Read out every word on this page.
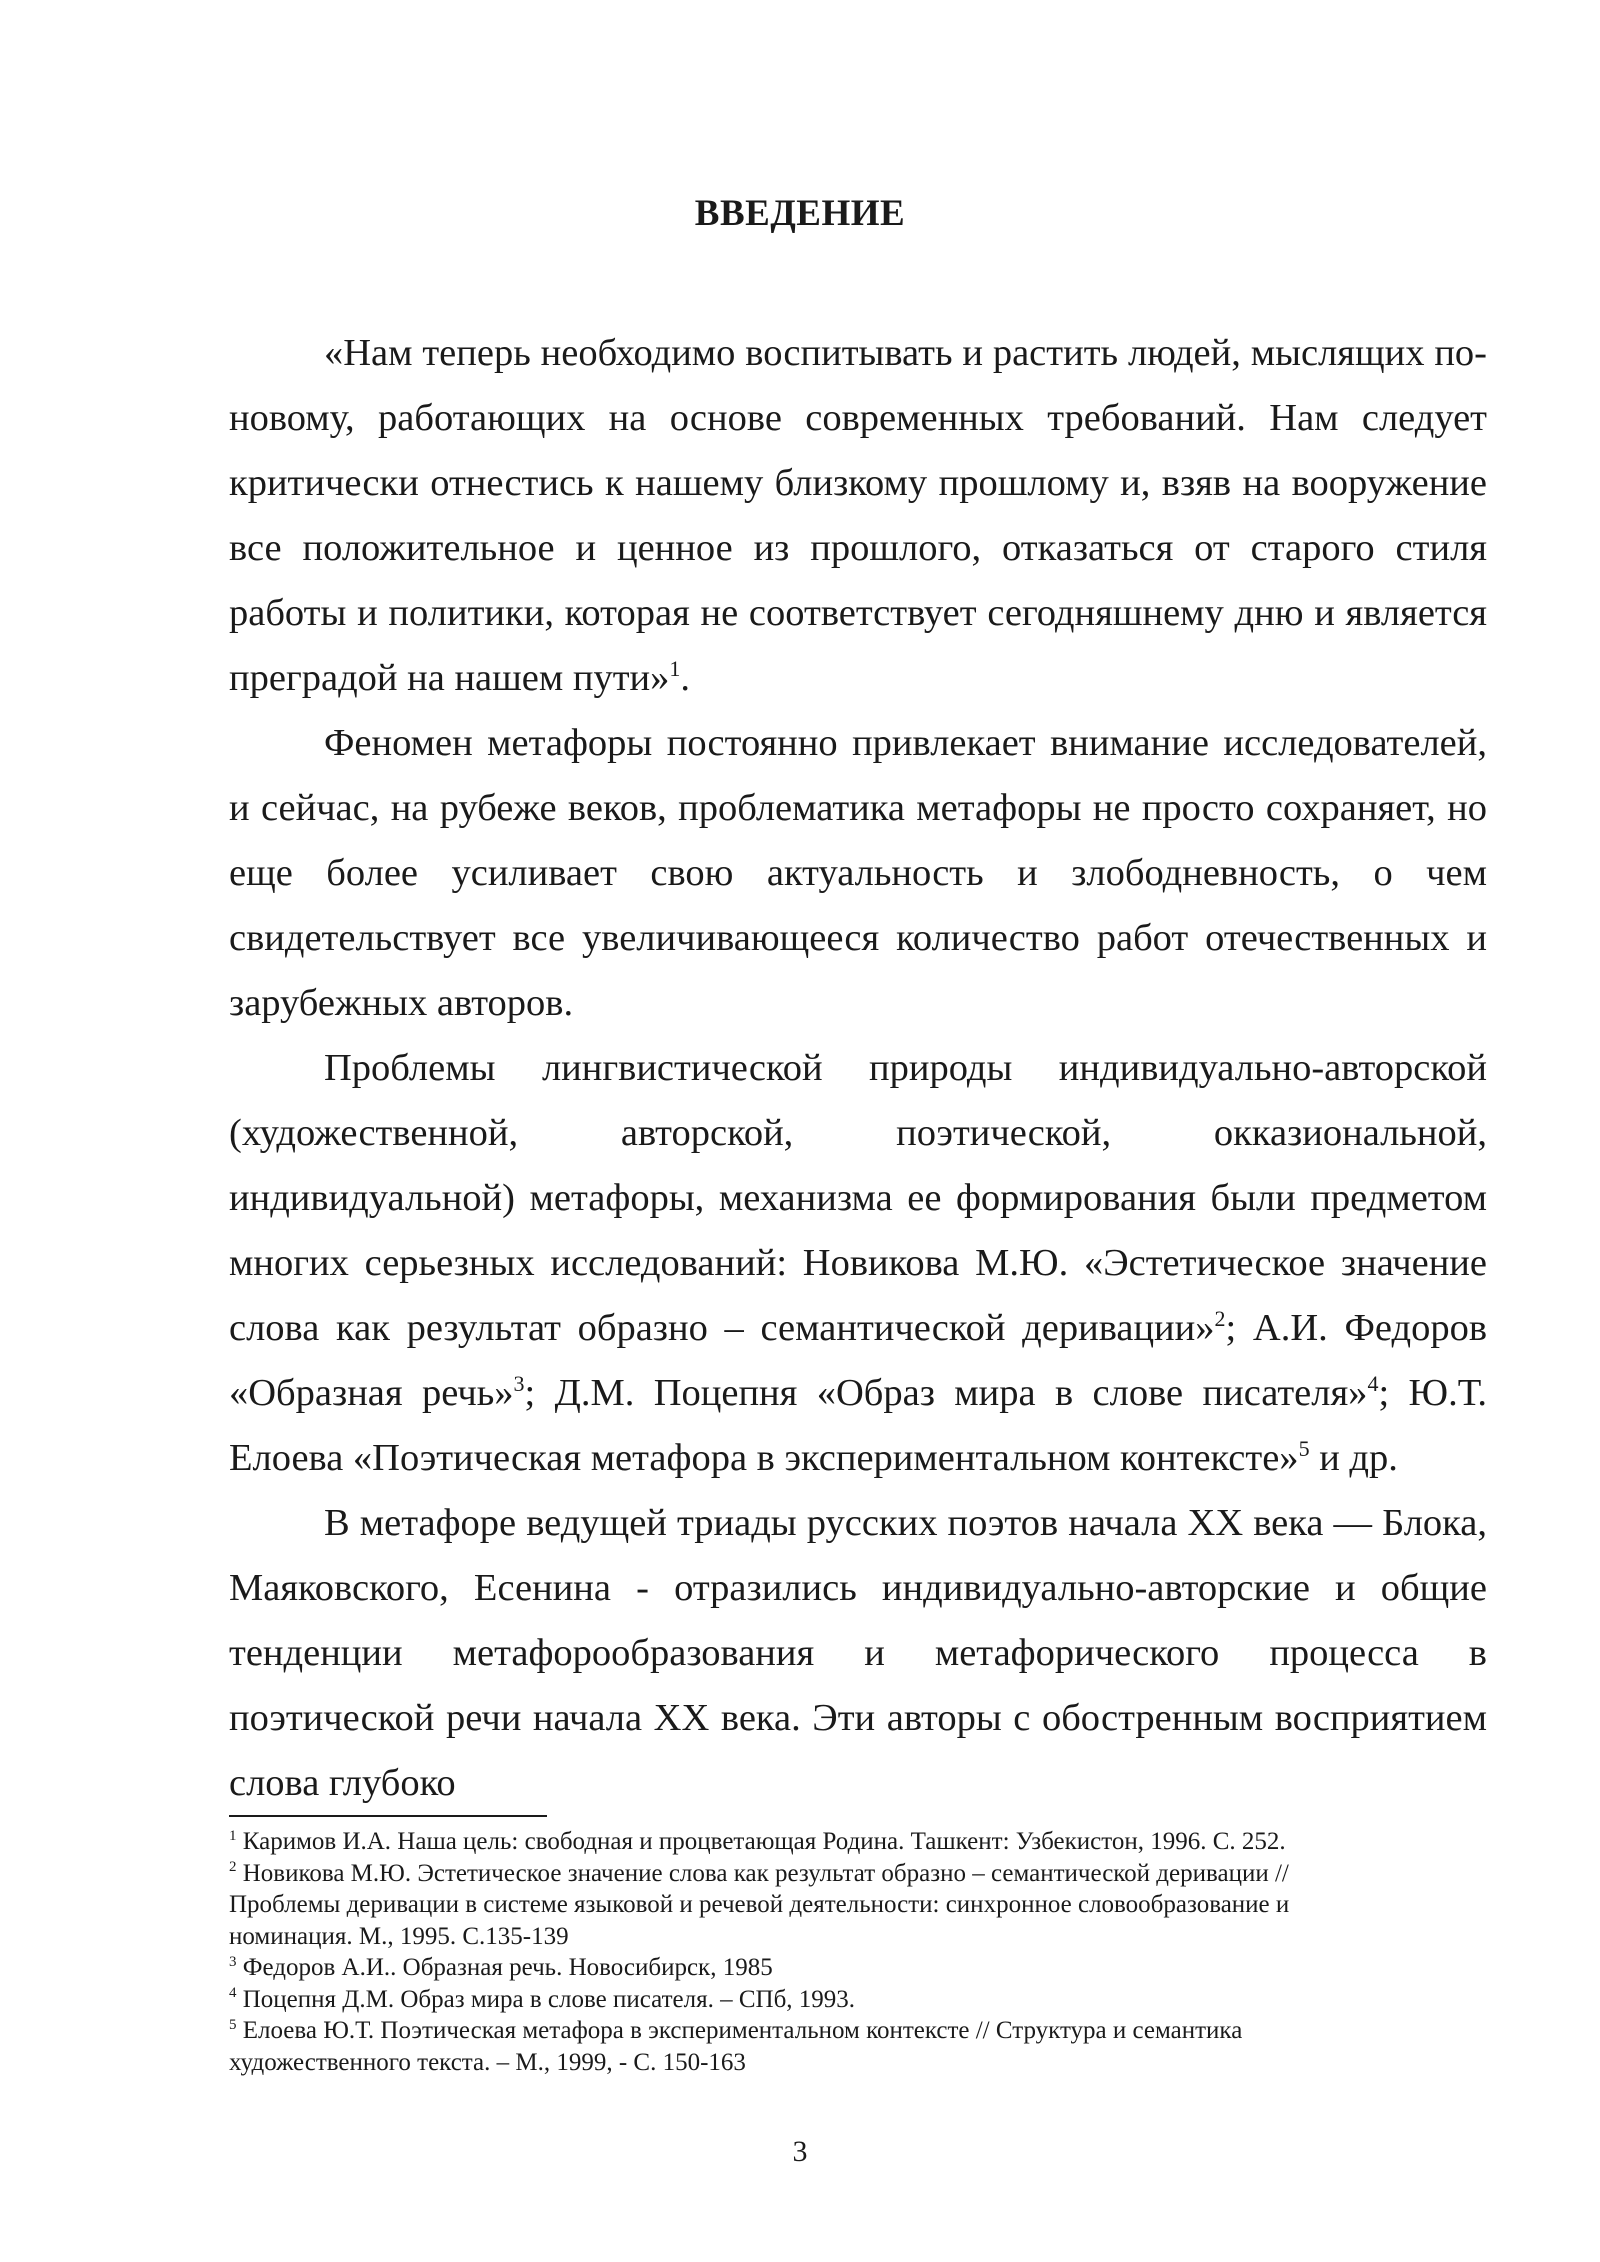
ВВЕДЕНИЕ

«Нам теперь необходимо воспитывать и растить людей, мыслящих по-новому, работающих на основе современных требований. Нам следует критически отнестись к нашему близкому прошлому и, взяв на вооружение все положительное и ценное из прошлого, отказаться от старого стиля работы и политики, которая не соответствует сегодняшнему дню и является преградой на нашем пути»$^1$.

Феномен метафоры постоянно привлекает внимание исследователей, и сейчас, на рубеже веков, проблематика метафоры не просто сохраняет, но еще более усиливает свою актуальность и злободневность, о чем свидетельствует все увеличивающееся количество работ отечественных и зарубежных авторов.

Проблемы лингвистической природы индивидуально-авторской (художественной, авторской, поэтической, окказиональной, индивидуальной) метафоры, механизма ее формирования были предметом многих серьезных исследований: Новикова М.Ю. «Эстетическое значение слова как результат образно – семантической деривации»$^2$; А.И. Федоров «Образная речь»$^3$; Д.М. Поцепня «Образ мира в слове писателя»$^4$; Ю.Т. Елоева «Поэтическая метафора в экспериментальном контексте»$^5$ и др.

В метафоре ведущей триады русских поэтов начала XX века — Блока, Маяковского, Есенина - отразились индивидуально-авторские и общие тенденции метафорообразования и метафорического процесса в поэтической речи начала XX века. Эти авторы с обостренным восприятием слова глубоко

$^1$ Каримов И.А. Наша цель: свободная и процветающая Родина. Ташкент: Узбекистон, 1996. С. 252.

$^2$ Новикова М.Ю. Эстетическое значение слова как результат образно – семантической деривации // Проблемы деривации в системе языковой и речевой деятельности: синхронное словообразование и номинация. М., 1995. С.135-139

$^3$ Федоров А.И.. Образная речь. Новосибирск, 1985

$^4$ Поцепня Д.М. Образ мира в слове писателя. – СПб, 1993.

$^5$ Елоева Ю.Т. Поэтическая метафора в экспериментальном контексте // Структура и семантика художественного текста. – М., 1999, - С. 150-163

3
